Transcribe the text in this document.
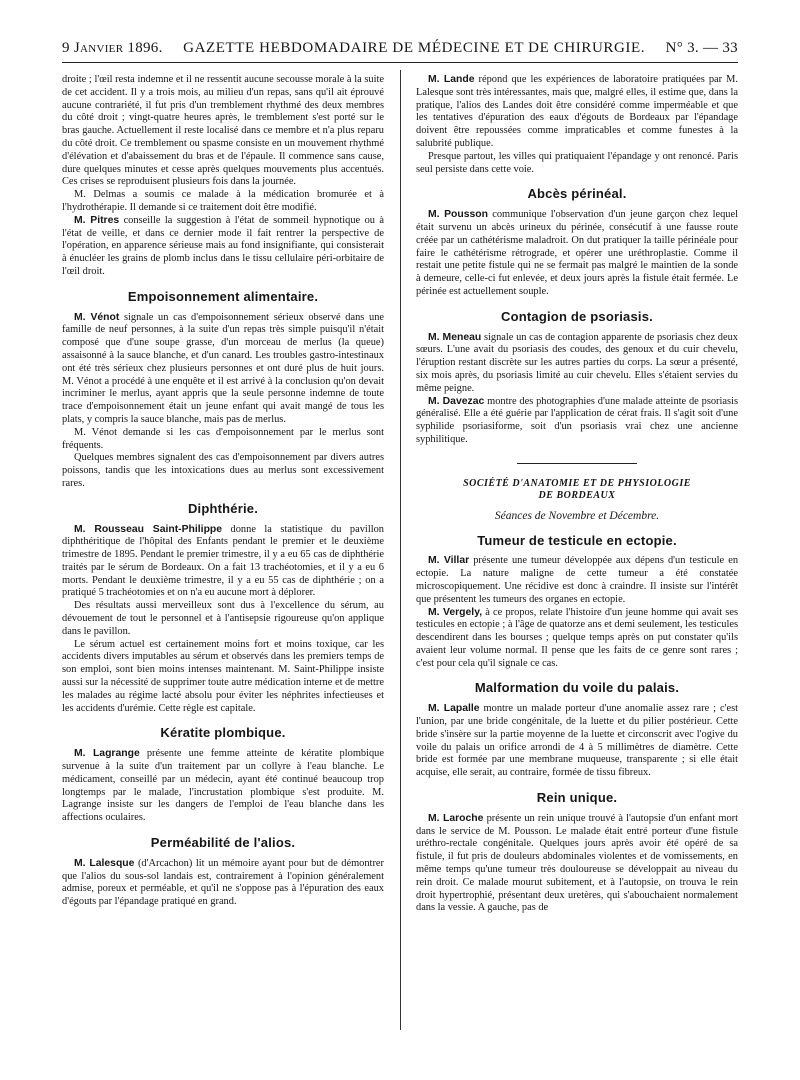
9 Janvier 1896. GAZETTE HEBDOMADAIRE DE MÉDECINE ET DE CHIRURGIE. N° 3. — 33

droite ; l'œil resta indemne et il ne ressentit aucune secousse morale à la suite de cet accident. Il y a trois mois, au milieu d'un repas, sans qu'il ait éprouvé aucune contrariété, il fut pris d'un tremblement rhythmé des deux membres du côté droit ; vingt-quatre heures après, le tremblement s'est porté sur le bras gauche. Actuellement il reste localisé dans ce membre et n'a plus reparu du côté droit. Ce tremblement ou spasme consiste en un mouvement rhythmé d'élévation et d'abaissement du bras et de l'épaule. Il commence sans cause, dure quelques minutes et cesse après quelques mouvements plus accentués. Ces crises se reproduisent plusieurs fois dans la journée.

M. Delmas a soumis ce malade à la médication bromurée et à l'hydrothérapie. Il demande si ce traitement doit être modifié.

M. Pitres conseille la suggestion à l'état de sommeil hypnotique ou à l'état de veille, et dans ce dernier mode il fait rentrer la perspective de l'opération, en apparence sérieuse mais au fond insignifiante, qui consisterait à énucléer les grains de plomb inclus dans le tissu cellulaire péri-orbitaire de l'œil droit.

Empoisonnement alimentaire.

M. Vénot signale un cas d'empoisonnement sérieux observé dans une famille de neuf personnes, à la suite d'un repas très simple puisqu'il n'était composé que d'une soupe grasse, d'un morceau de merlus (la queue) assaisonné à la sauce blanche, et d'un canard. Les troubles gastro-intestinaux ont été très sérieux chez plusieurs personnes et ont duré plus de huit jours. M. Vénot a procédé à une enquête et il est arrivé à la conclusion qu'on devait incriminer le merlus, ayant appris que la seule personne indemne de toute trace d'empoisonnement était un jeune enfant qui avait mangé de tous les plats, y compris la sauce blanche, mais pas de merlus.

M. Vénot demande si les cas d'empoisonnement par le merlus sont fréquents.

Quelques membres signalent des cas d'empoisonnement par divers autres poissons, tandis que les intoxications dues au merlus sont excessivement rares.

Diphthérie.

M. Rousseau Saint-Philippe donne la statistique du pavillon diphthéritique de l'hôpital des Enfants pendant le premier et le deuxième trimestre de 1895. Pendant le premier trimestre, il y a eu 65 cas de diphthérie traités par le sérum de Bordeaux. On a fait 13 trachéotomies, et il y a eu 6 morts. Pendant le deuxième trimestre, il y a eu 55 cas de diphthérie ; on a pratiqué 5 trachéotomies et on n'a eu aucune mort à déplorer.

Des résultats aussi merveilleux sont dus à l'excellence du sérum, au dévouement de tout le personnel et à l'antisepsie rigoureuse qu'on applique dans le pavillon.

Le sérum actuel est certainement moins fort et moins toxique, car les accidents divers imputables au sérum et observés dans les premiers temps de son emploi, sont bien moins intenses maintenant. M. Saint-Philippe insiste aussi sur la nécessité de supprimer toute autre médication interne et de mettre les malades au régime lacté absolu pour éviter les néphrites infectieuses et les accidents d'urémie. Cette règle est capitale.

Kératite plombique.

M. Lagrange présente une femme atteinte de kératite plombique survenue à la suite d'un traitement par un collyre à l'eau blanche. Le médicament, conseillé par un médecin, ayant été continué beaucoup trop longtemps par le malade, l'incrustation plombique s'est produite. M. Lagrange insiste sur les dangers de l'emploi de l'eau blanche dans les affections oculaires.

Perméabilité de l'alios.

M. Lalesque (d'Arcachon) lit un mémoire ayant pour but de démontrer que l'alios du sous-sol landais est, contrairement à l'opinion généralement admise, poreux et perméable, et qu'il ne s'oppose pas à l'épuration des eaux d'égouts par l'épandage pratiqué en grand.

M. Lande répond que les expériences de laboratoire pratiquées par M. Lalesque sont très intéressantes, mais que, malgré elles, il estime que, dans la pratique, l'alios des Landes doit être considéré comme imperméable et que les tentatives d'épuration des eaux d'égouts de Bordeaux par l'épandage doivent être repoussées comme impraticables et comme funestes à la salubrité publique.

Presque partout, les villes qui pratiquaient l'épandage y ont renoncé. Paris seul persiste dans cette voie.

Abcès périnéal.

M. Pousson communique l'observation d'un jeune garçon chez lequel était survenu un abcès urineux du périnée, consécutif à une fausse route créée par un cathétérisme maladroit. On dut pratiquer la taille périnéale pour faire le cathétérisme rétrograde, et opérer une uréthroplastie. Comme il restait une petite fistule qui ne se fermait pas malgré le maintien de la sonde à demeure, celle-ci fut enlevée, et deux jours après la fistule était fermée. Le périnée est actuellement souple.

Contagion de psoriasis.

M. Meneau signale un cas de contagion apparente de psoriasis chez deux sœurs. L'une avait du psoriasis des coudes, des genoux et du cuir chevelu, l'éruption restant discrète sur les autres parties du corps. La sœur a présenté, six mois après, du psoriasis limité au cuir chevelu. Elles s'étaient servies du même peigne.

M. Davezac montre des photographies d'une malade atteinte de psoriasis généralisé. Elle a été guérie par l'application de cérat frais. Il s'agit soit d'une syphilide psoriasiforme, soit d'un psoriasis vrai chez une ancienne syphilitique.

SOCIÉTÉ D'ANATOMIE ET DE PHYSIOLOGIE
DE BORDEAUX
Séances de Novembre et Décembre.
Tumeur de testicule en ectopie.

M. Villar présente une tumeur développée aux dépens d'un testicule en ectopie. La nature maligne de cette tumeur a été constatée microscopiquement. Une récidive est donc à craindre. Il insiste sur l'intérêt que présentent les tumeurs des organes en ectopie.

M. Vergely, à ce propos, relate l'histoire d'un jeune homme qui avait ses testicules en ectopie ; à l'âge de quatorze ans et demi seulement, les testicules descendirent dans les bourses ; quelque temps après on put constater qu'ils avaient leur volume normal. Il pense que les faits de ce genre sont rares ; c'est pour cela qu'il signale ce cas.

Malformation du voile du palais.

M. Lapalle montre un malade porteur d'une anomalie assez rare ; c'est l'union, par une bride congénitale, de la luette et du pilier postérieur. Cette bride s'insère sur la partie moyenne de la luette et circonscrit avec l'ogive du voile du palais un orifice arrondi de 4 à 5 millimètres de diamètre. Cette bride est formée par une membrane muqueuse, transparente ; si elle était acquise, elle serait, au contraire, formée de tissu fibreux.

Rein unique.

M. Laroche présente un rein unique trouvé à l'autopsie d'un enfant mort dans le service de M. Pousson. Le malade était entré porteur d'une fistule uréthro-rectale congénitale. Quelques jours après avoir été opéré de sa fistule, il fut pris de douleurs abdominales violentes et de vomissements, en même temps qu'une tumeur très douloureuse se développait au niveau du rein droit. Ce malade mourut subitement, et à l'autopsie, on trouva le rein droit hypertrophié, présentant deux uretères, qui s'abouchaient normalement dans la vessie. A gauche, pas de
